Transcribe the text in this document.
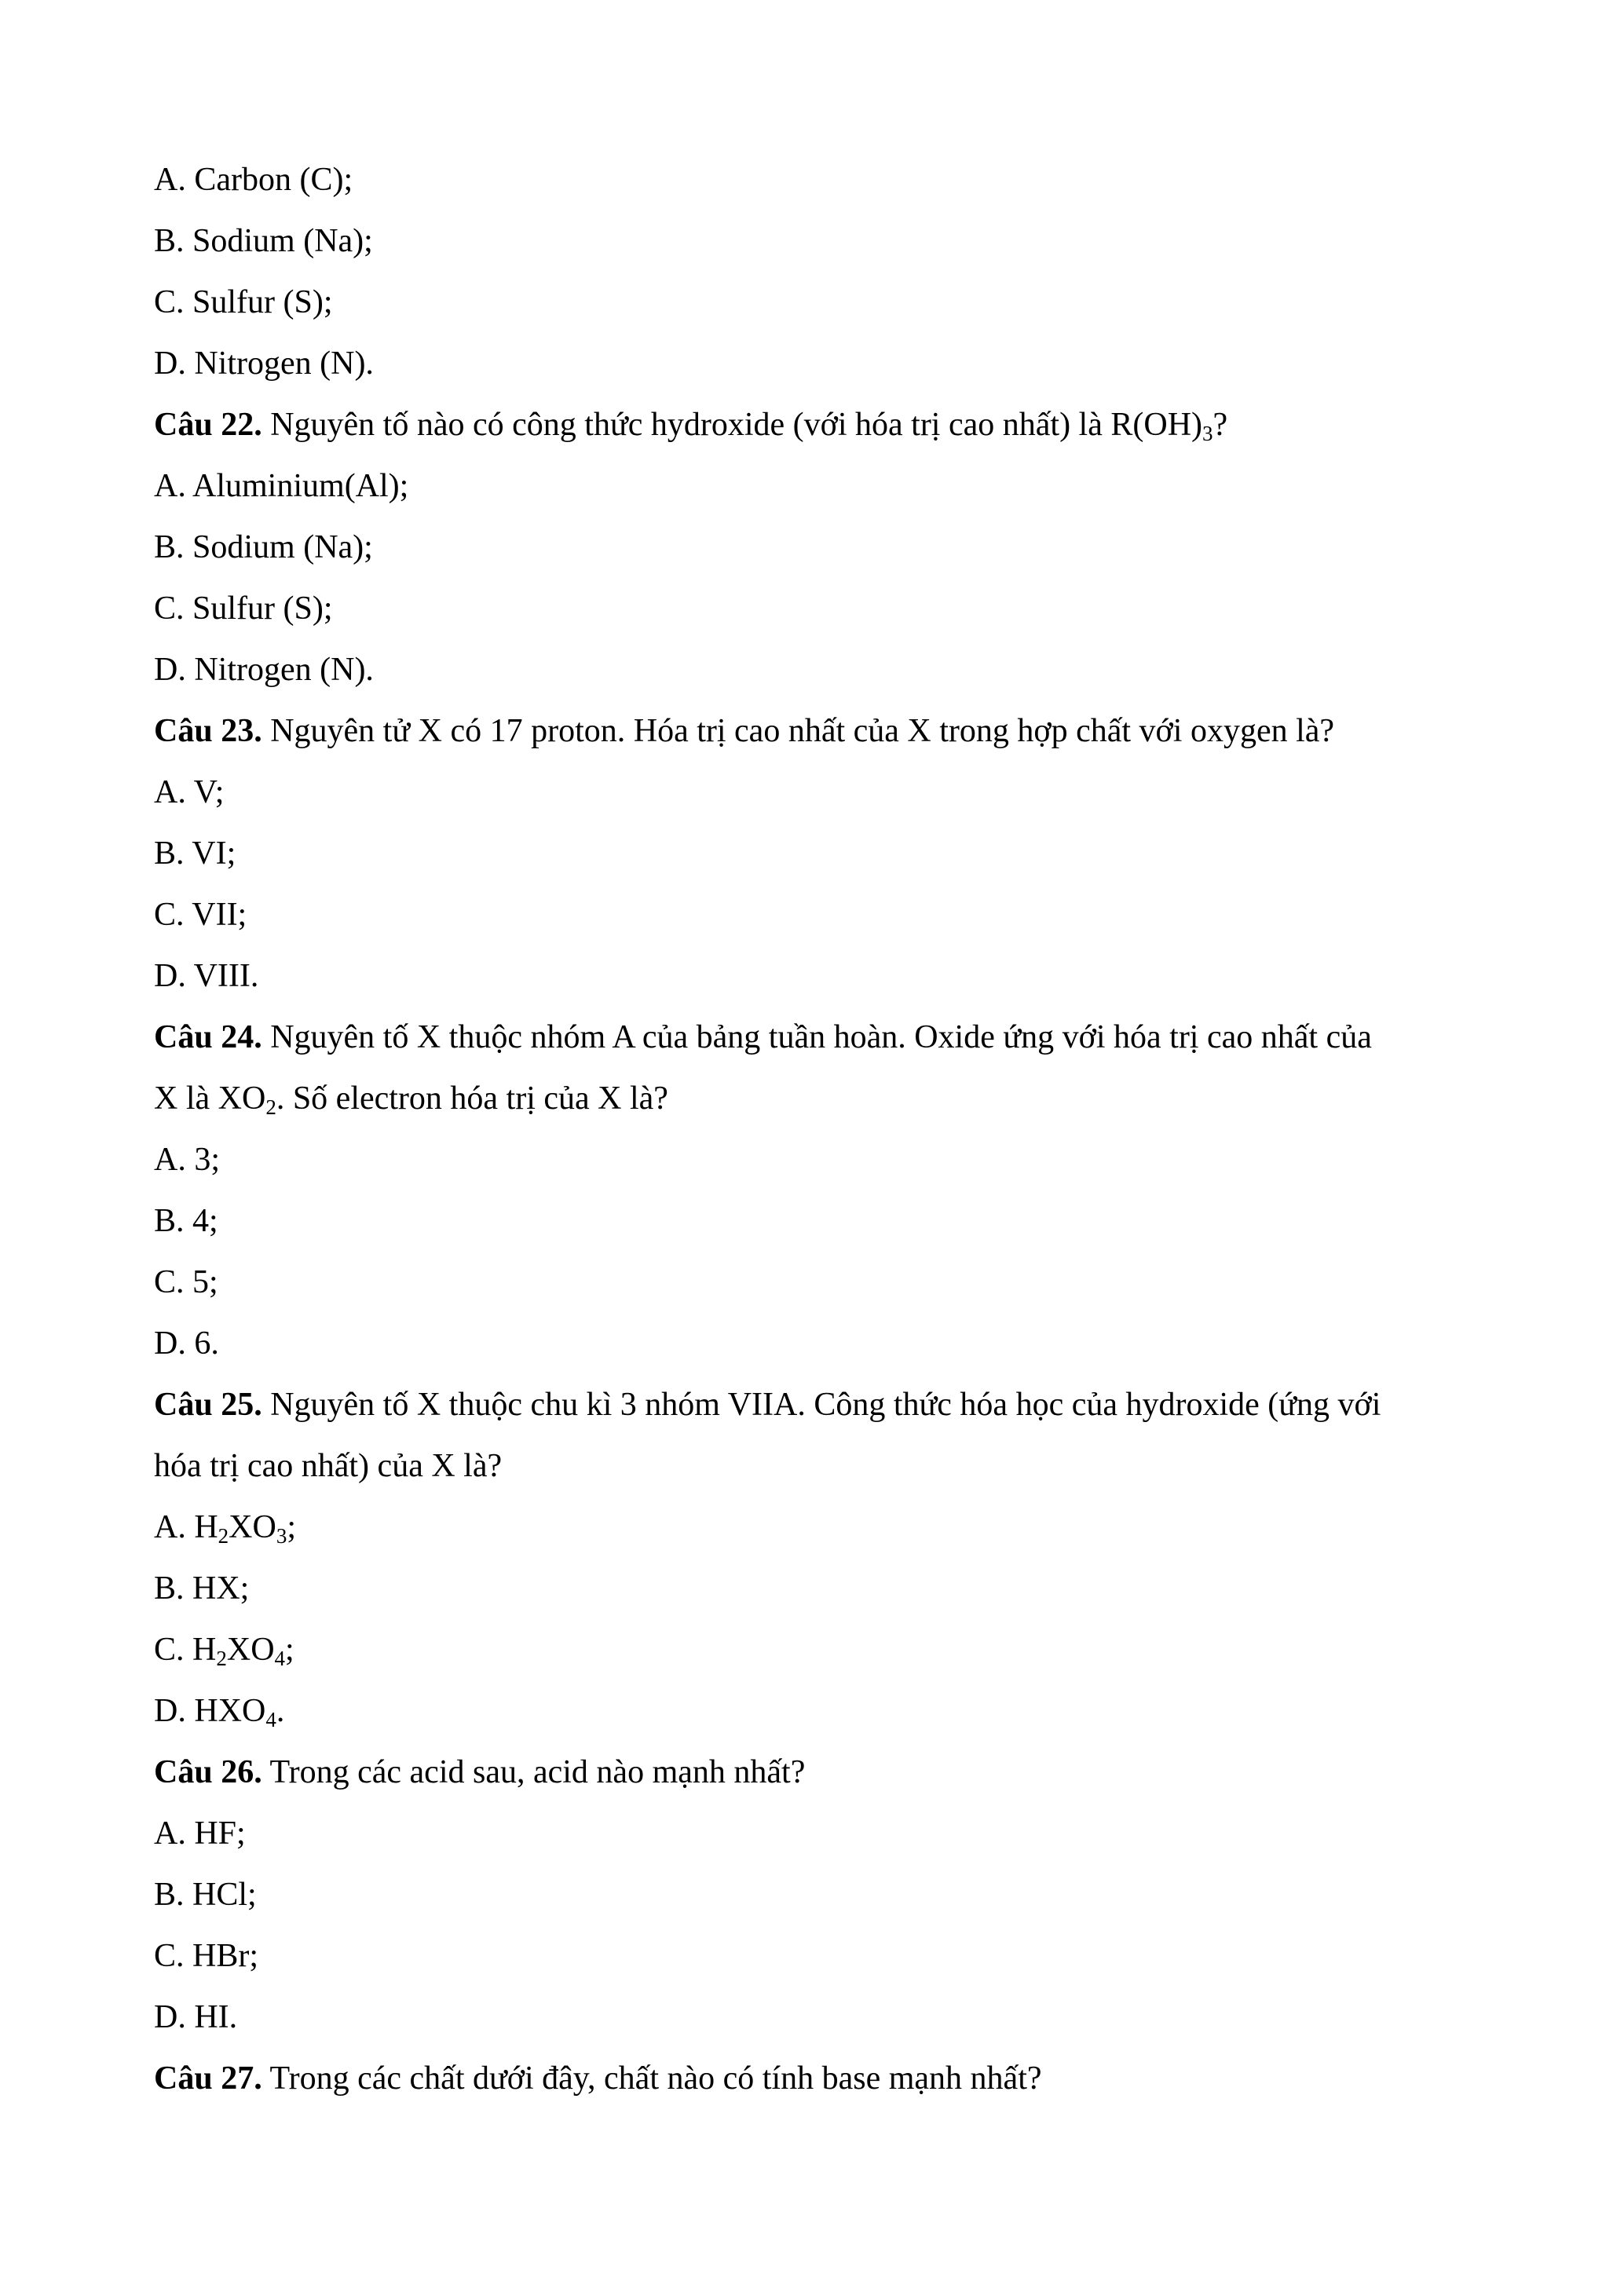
A. Carbon (C);
B. Sodium (Na);
C. Sulfur (S);
D. Nitrogen (N).
Câu 22. Nguyên tố nào có công thức hydroxide (với hóa trị cao nhất) là $R(OH)_3$?
A. Aluminium(Al);
B. Sodium (Na);
C. Sulfur (S);
D. Nitrogen (N).
Câu 23. Nguyên tử X có 17 proton. Hóa trị cao nhất của X trong hợp chất với oxygen là?
A. V;
B. VI;
C. VII;
D. VIII.
Câu 24. Nguyên tố X thuộc nhóm A của bảng tuần hoàn. Oxide ứng với hóa trị cao nhất của
X là $XO_2$. Số electron hóa trị của X là?
A. 3;
B. 4;
C. 5;
D. 6.
Câu 25. Nguyên tố X thuộc chu kì 3 nhóm VIIA. Công thức hóa học của hydroxide (ứng với
hóa trị cao nhất) của X là?
A. $H_2XO_3$;
B. HX;
C. $H_2XO_4$;
D. $HXO_4$.
Câu 26. Trong các acid sau, acid nào mạnh nhất?
A. HF;
B. HCl;
C. HBr;
D. HI.
Câu 27. Trong các chất dưới đây, chất nào có tính base mạnh nhất?
